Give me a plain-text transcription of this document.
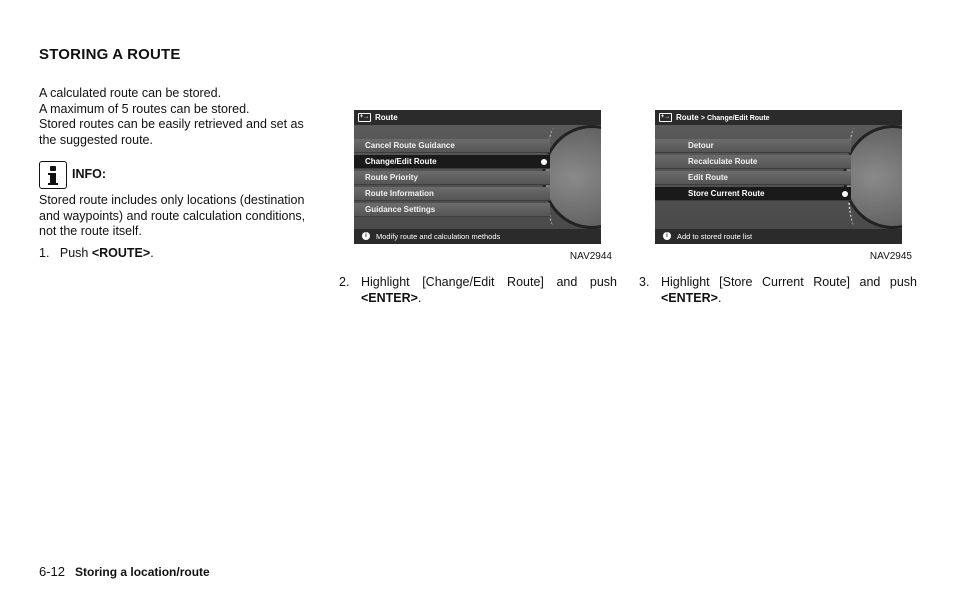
STORING A ROUTE

A calculated route can be stored.

A maximum of 5 routes can be stored.

Stored routes can be easily retrieved and set as the suggested route.

INFO:
Stored route includes only locations (destination and waypoints) and route calculation conditions, not the route itself.
1. Push <ROUTE>.
+→ Route
Cancel Route Guidance
Change/Edit Route
Route Priority
Route Information
Guidance Settings
i	Modify route and calculation methods
NAV2944
+→ Route > Change/Edit Route
Detour
Recalculate Route
Edit Route
Store Current Route
i	Add to stored route list
NAV2945
2. Highlight [Change/Edit Route] and push
<ENTER>.
3. Highlight [Store Current Route] and push
<ENTER>.
6-12 Storing a location/route
